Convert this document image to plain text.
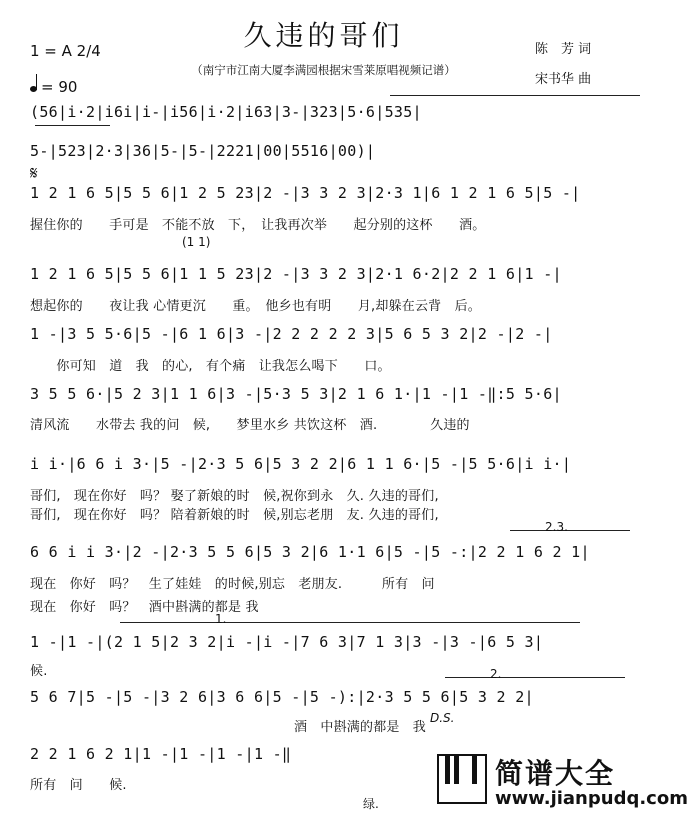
久违的哥们
1 = A 2/4
= 90
（南宁市江南大厦李满园根据宋雪莱原唱视频记谱）
陈　芳 词
宋书华 曲
𝄋
(1 1)
2.3.
1.
2.
(56|i·2|i6i|i-|i56|i·2|i63|3-|323|5·6|535|
5-|523|2·3|36|5-|5-|2221|00|5516|00)|
1 2 1 6 5|5 5 6|1 2 5 23|2 -|3 3 2 3|2·3 1|6 1 2 1 6 5|5 -|
握住你的　　手可是　不能不放　下，　让我再次举　　起分别的这杯　　酒。
1 2 1 6 5|5 5 6|1 1 5 23|2 -|3 3 2 3|2·1 6·2|2 2 1 6|1 -|
想起你的　　夜让我 心情更沉　　重。　他乡也有明　　月,却躲在云背　后。
1 -|3 5 5·6|5 -|6 1 6|3 -|2 2 2 2 2 3|5 6 5 3 2|2 -|2 -|
　　你可知　道　我　的心,　有个痛　让我怎么喝下　　口。
3 5 5 6·|5 2 3|1 1 6|3 -|5·3 5 3|2 1 6 1·|1 -|1 -‖:5 5·6|
清风流　　水带去 我的问　候,　　梦里水乡 共饮这杯　酒.　　　　久违的
i i·|6 6 i 3·|5 -|2·3 5 6|5 3 2 2|6 1 1 6·|5 -|5 5·6|i i·|
哥们,　现在你好　吗？ 娶了新娘的时　候,祝你到永　久. 久违的哥们,
哥们,　现在你好　吗？ 陪着新娘的时　候,别忘老朋　友. 久违的哥们,
6 6 i i 3·|2 -|2·3 5 5 6|5 3 2|6 1·1 6|5 -|5 -:|2 2 1 6 2 1|
现在　你好　吗？　生了娃娃　的时候,别忘　老朋友.　　　所有　问
现在　你好　吗？　酒中斟满的都是 我
1 -|1 -|(2 1 5|2 3 2|i -|i -|7 6 3|7 1 3|3 -|3 -|6 5 3|
候.
5 6 7|5 -|5 -|3 2 6|3 6 6|5 -|5 -):|2·3 5 5 6|5 3 2 2|
D.S.
　　　　　　　　　　　　　　　　　　　　酒　中斟满的都是　我
2 2 1 6 2 1|1 -|1 -|1 -|1 -‖
所有　问　　候.
绿.
简谱大全
www.jianpudq.com
